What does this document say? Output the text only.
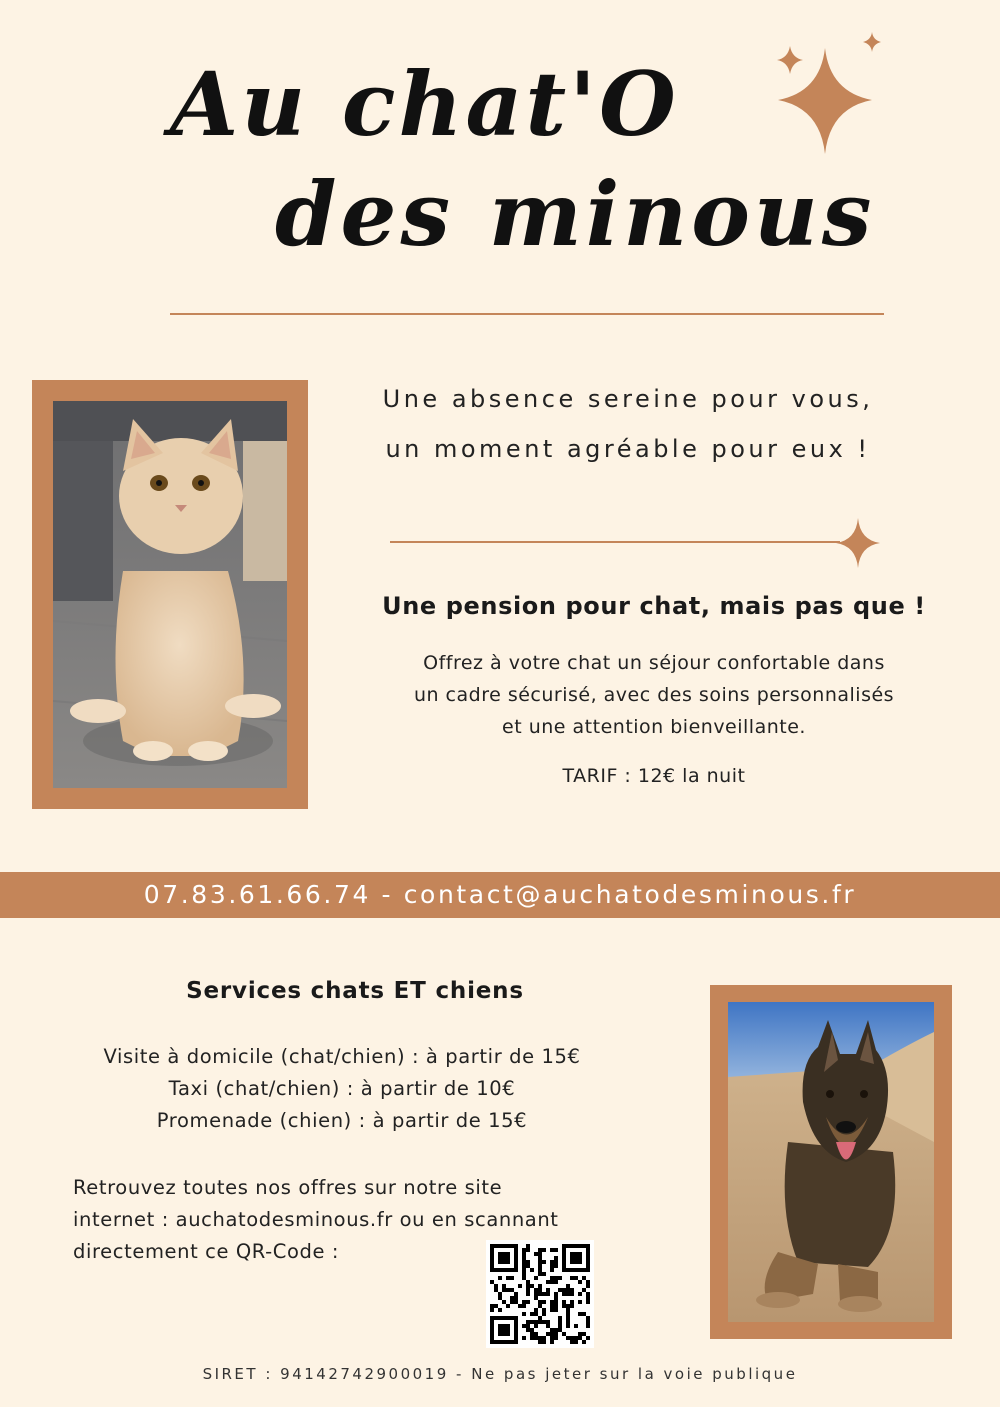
Au chat'O
des minous
Une absence sereine pour vous,
un moment agréable pour eux !
Une pension pour chat, mais pas que !
Offrez à votre chat un séjour confortable dans
un cadre sécurisé, avec des soins personnalisés
et une attention bienveillante.
TARIF : 12€ la nuit
07.83.61.66.74 - contact@auchatodesminous.fr
Services chats ET chiens
Visite à domicile (chat/chien) : à partir de 15€
Taxi (chat/chien) : à partir de 10€
Promenade (chien) : à partir de 15€
Retrouvez toutes nos offres sur notre site
internet : auchatodesminous.fr ou en scannant
directement ce QR-Code :
SIRET : 94142742900019 - Ne pas jeter sur la voie publique
